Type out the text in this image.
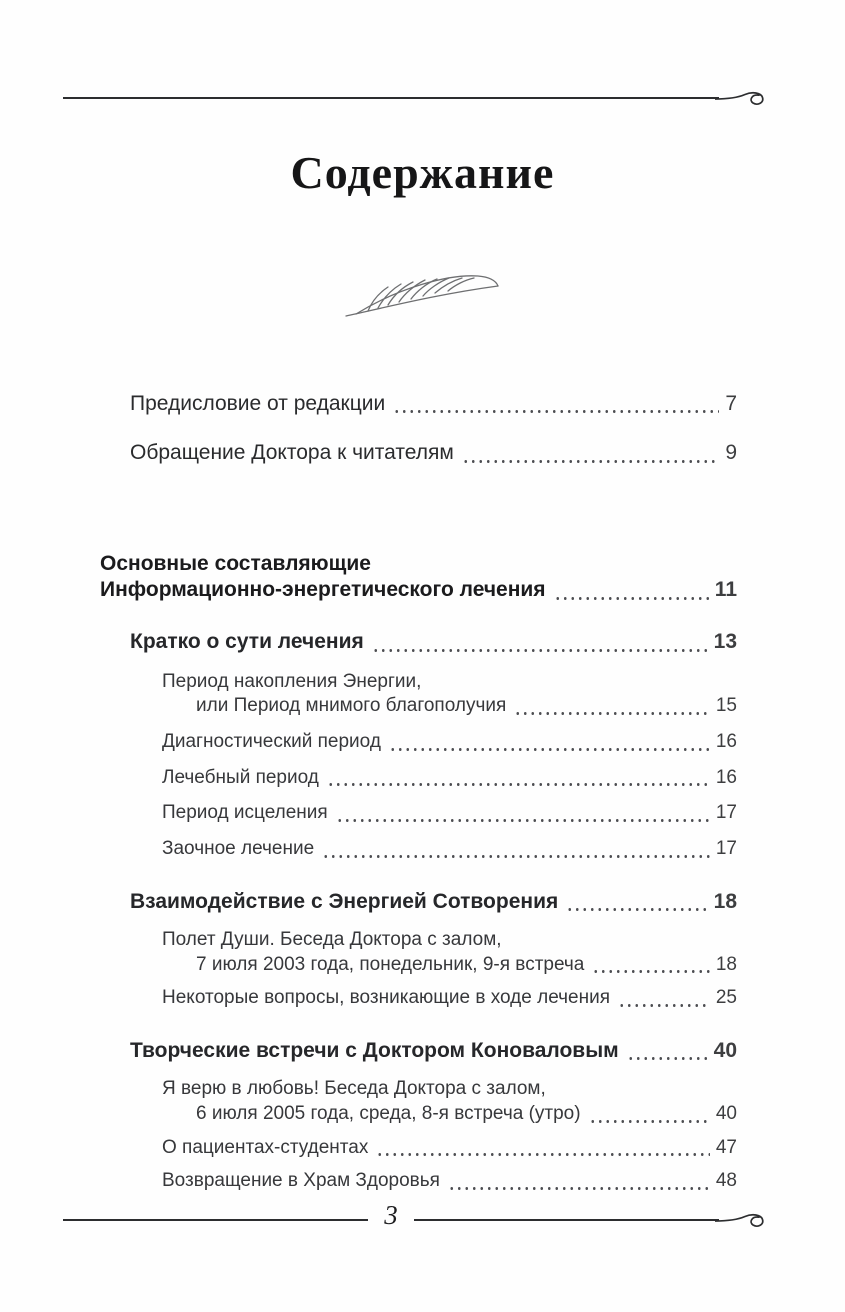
Содержание
Предисловие от редакции	7
Обращение Доктора к читателям	9
Основные составляющие
Информационно-энергетического лечения	11
Кратко о сути лечения	13
Период накопления Энергии,
или Период мнимого благополучия	15
Диагностический период	16
Лечебный период	16
Период исцеления	17
Заочное лечение	17
Взаимодействие с Энергией Сотворения	18
Полет Души. Беседа Доктора с залом,
7 июля 2003 года, понедельник, 9-я встреча	18
Некоторые вопросы, возникающие в ходе лечения	25
Творческие встречи с Доктором Коноваловым	40
Я верю в любовь! Беседа Доктора с залом,
6 июля 2005 года, среда, 8-я встреча (утро)	40
О пациентах-студентах	47
Возвращение в Храм Здоровья	48
3
